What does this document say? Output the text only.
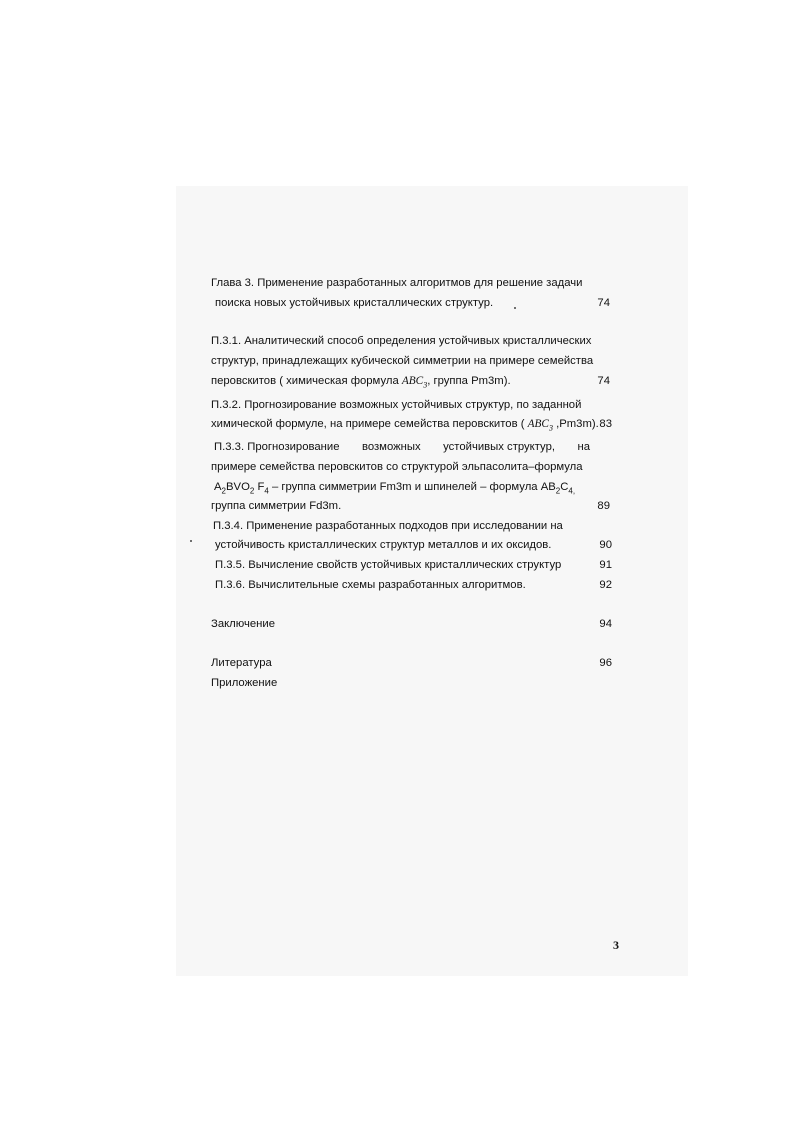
Глава 3. Применение разработанных алгоритмов для решение задачи
поиска новых устойчивых кристаллических структур.	74
П.3.1. Аналитический способ определения устойчивых кристаллических
структур, принадлежащих кубической симметрии на примере семейства
перовскитов ( химическая формула $ABC_3$, группа Pm3m).	74
П.3.2. Прогнозирование возможных устойчивых структур, по заданной
химической формуле, на примере семейства перовскитов ( $ABC_3$ ,Pm3m). 83
П.3.3. Прогнозирование возможных устойчивых структур, на
примере семейства перовскитов со структурой эльпасолита–формула
$A_2BVO_2$ $F_4$ – группа симметрии Fm3m и шпинелей – формула $AB_2C_{4,}$
группа симметрии Fd3m.	89
П.3.4. Применение разработанных подходов при исследовании на
устойчивость кристаллических структур металлов и их оксидов.	90
П.3.5. Вычисление свойств устойчивых кристаллических структур	91
П.3.6. Вычислительные схемы разработанных алгоритмов.	92
Заключение	94
Литература	96
Приложение
3
